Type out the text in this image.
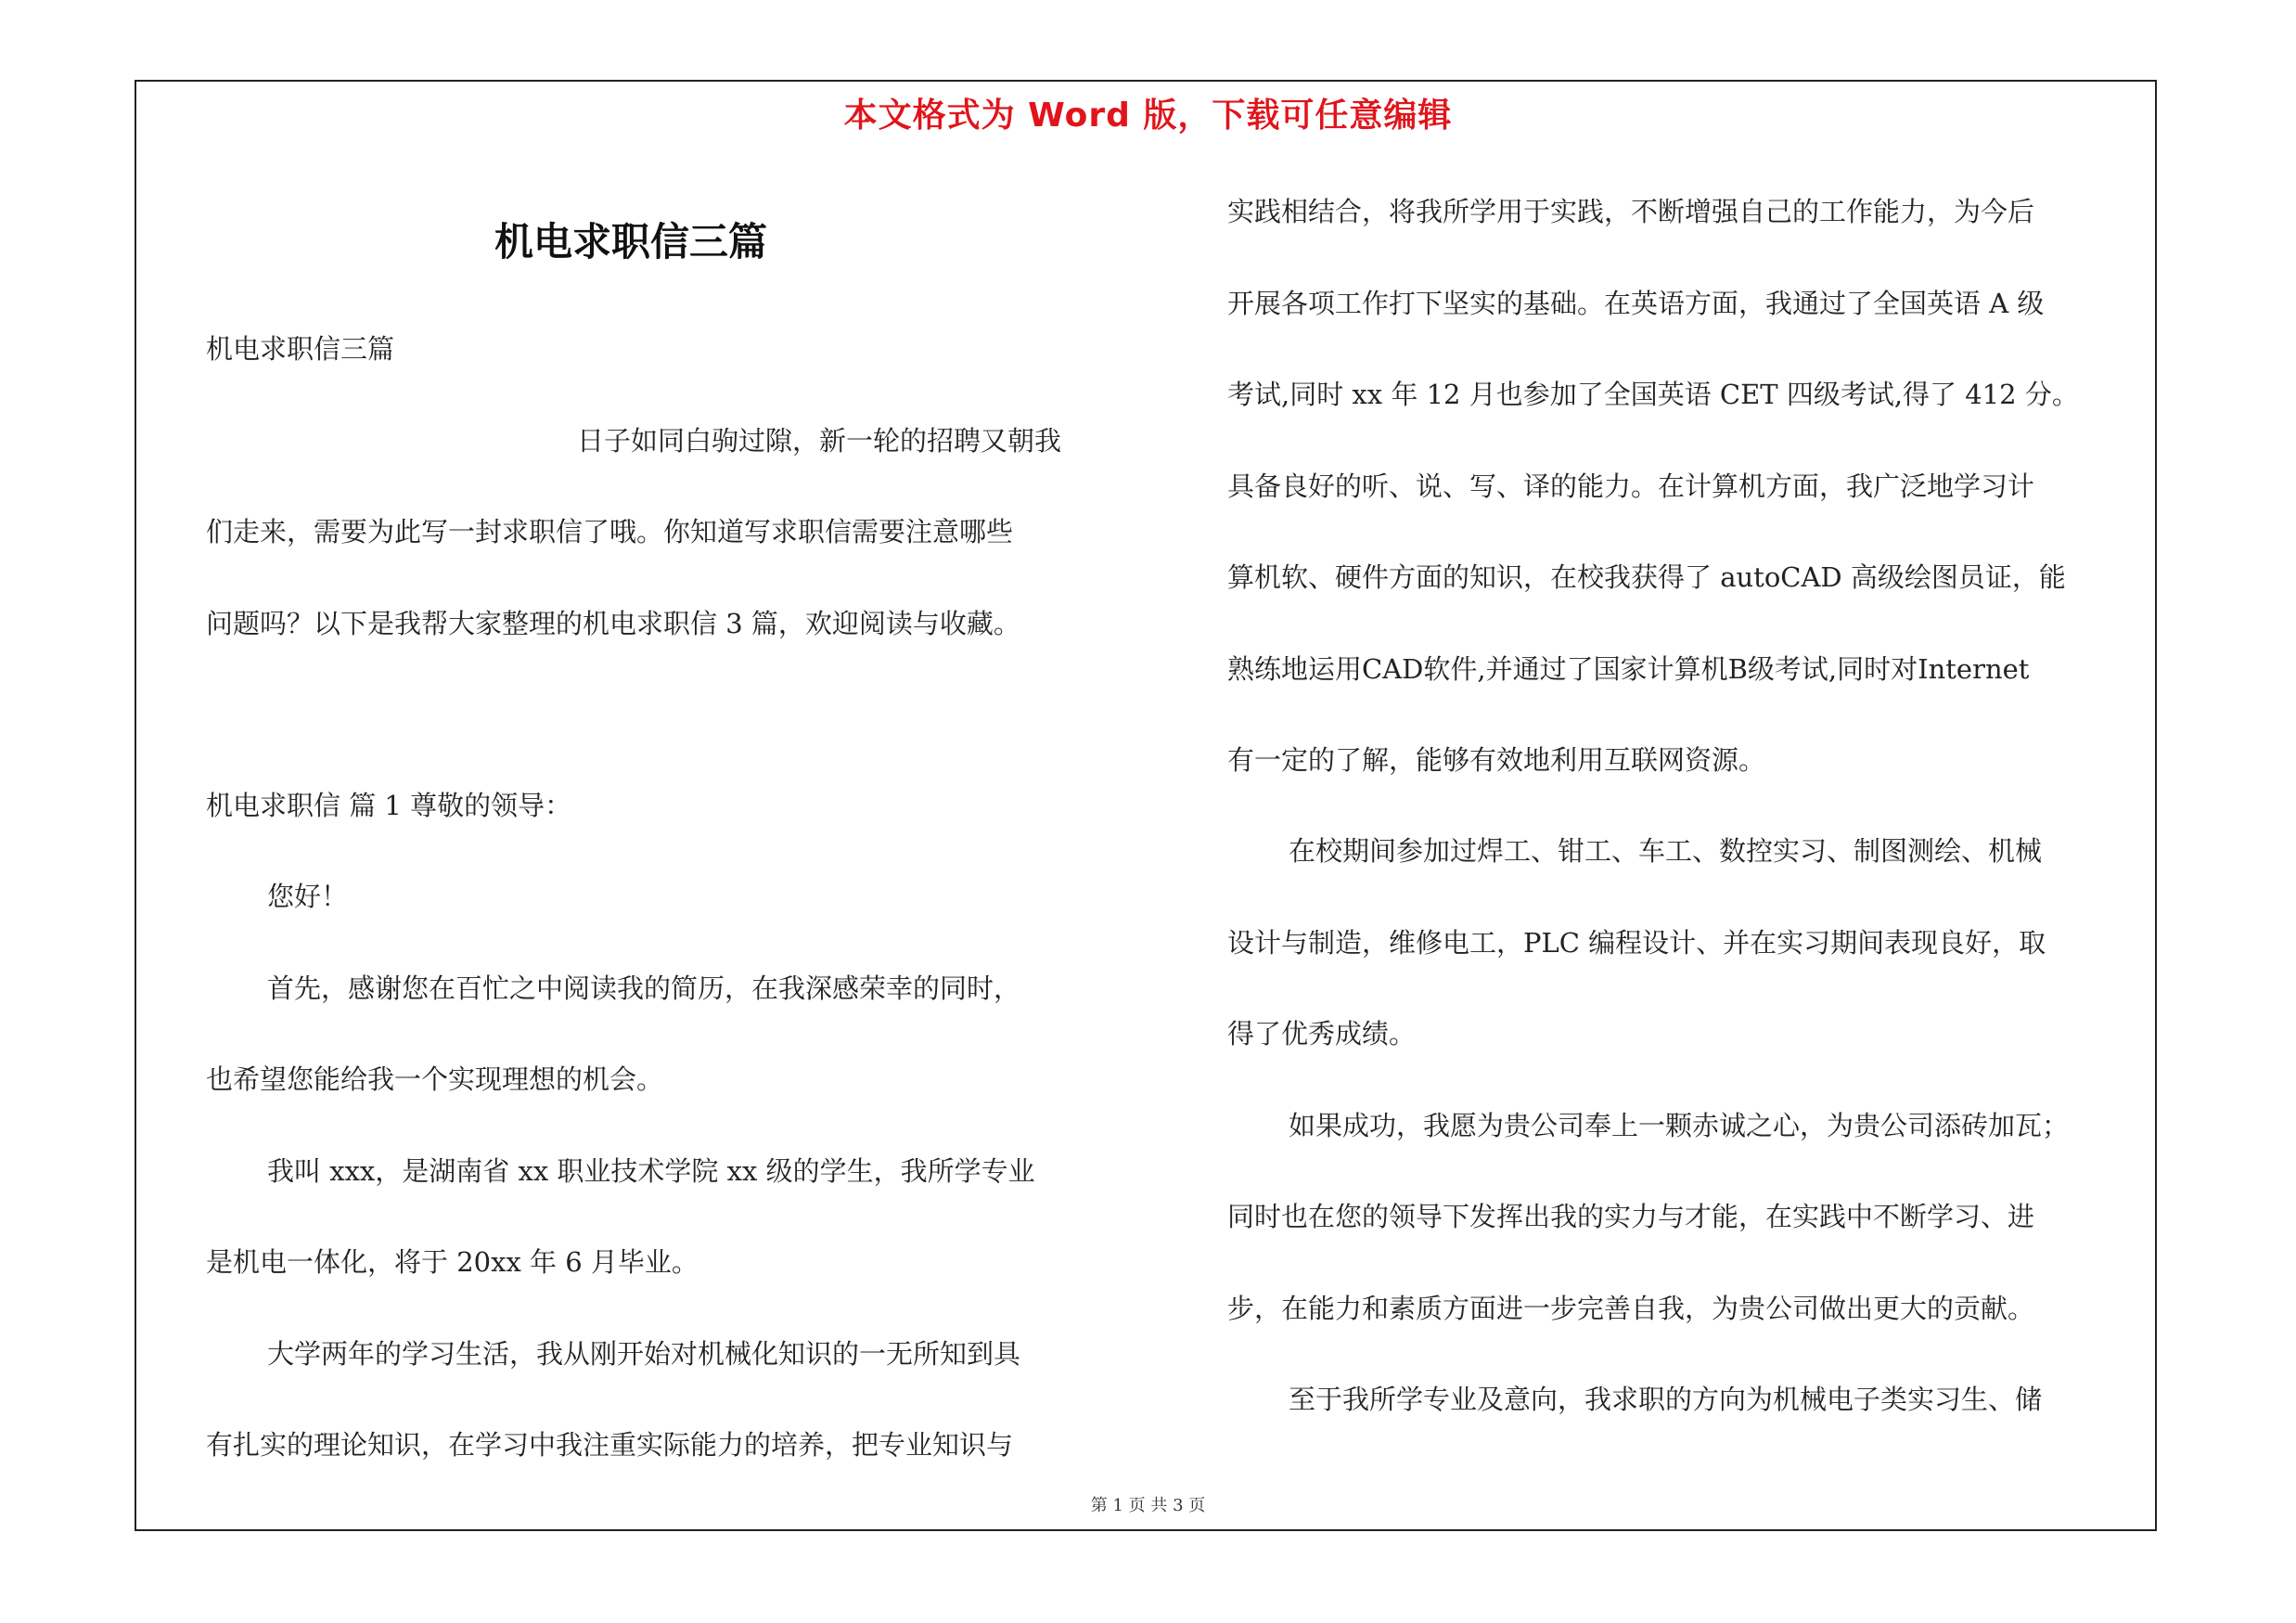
本文格式为 Word 版，下载可任意编辑
机电求职信三篇
机电求职信三篇
日子如同白驹过隙，新一轮的招聘又朝我
们走来，需要为此写一封求职信了哦。你知道写求职信需要注意哪些
问题吗？以下是我帮大家整理的机电求职信 3 篇，欢迎阅读与收藏。
机电求职信 篇 1 尊敬的领导：
您好！
首先，感谢您在百忙之中阅读我的简历，在我深感荣幸的同时，
也希望您能给我一个实现理想的机会。
我叫 xxx，是湖南省 xx 职业技术学院 xx 级的学生，我所学专业
是机电一体化，将于 20xx 年 6 月毕业。
大学两年的学习生活，我从刚开始对机械化知识的一无所知到具
有扎实的理论知识，在学习中我注重实际能力的培养，把专业知识与
实践相结合，将我所学用于实践，不断增强自己的工作能力，为今后
开展各项工作打下坚实的基础。在英语方面，我通过了全国英语 A 级
考试,同时 xx 年 12 月也参加了全国英语 CET 四级考试,得了 412 分。
具备良好的听、说、写、译的能力。在计算机方面，我广泛地学习计
算机软、硬件方面的知识，在校我获得了 autoCAD 高级绘图员证，能
熟练地运用CAD软件,并通过了国家计算机B级考试,同时对Internet
有一定的了解，能够有效地利用互联网资源。
在校期间参加过焊工、钳工、车工、数控实习、制图测绘、机械
设计与制造，维修电工，PLC 编程设计、并在实习期间表现良好，取
得了优秀成绩。
如果成功，我愿为贵公司奉上一颗赤诚之心，为贵公司添砖加瓦；
同时也在您的领导下发挥出我的实力与才能，在实践中不断学习、进
步，在能力和素质方面进一步完善自我，为贵公司做出更大的贡献。
至于我所学专业及意向，我求职的方向为机械电子类实习生、储
第 1 页 共 3 页
